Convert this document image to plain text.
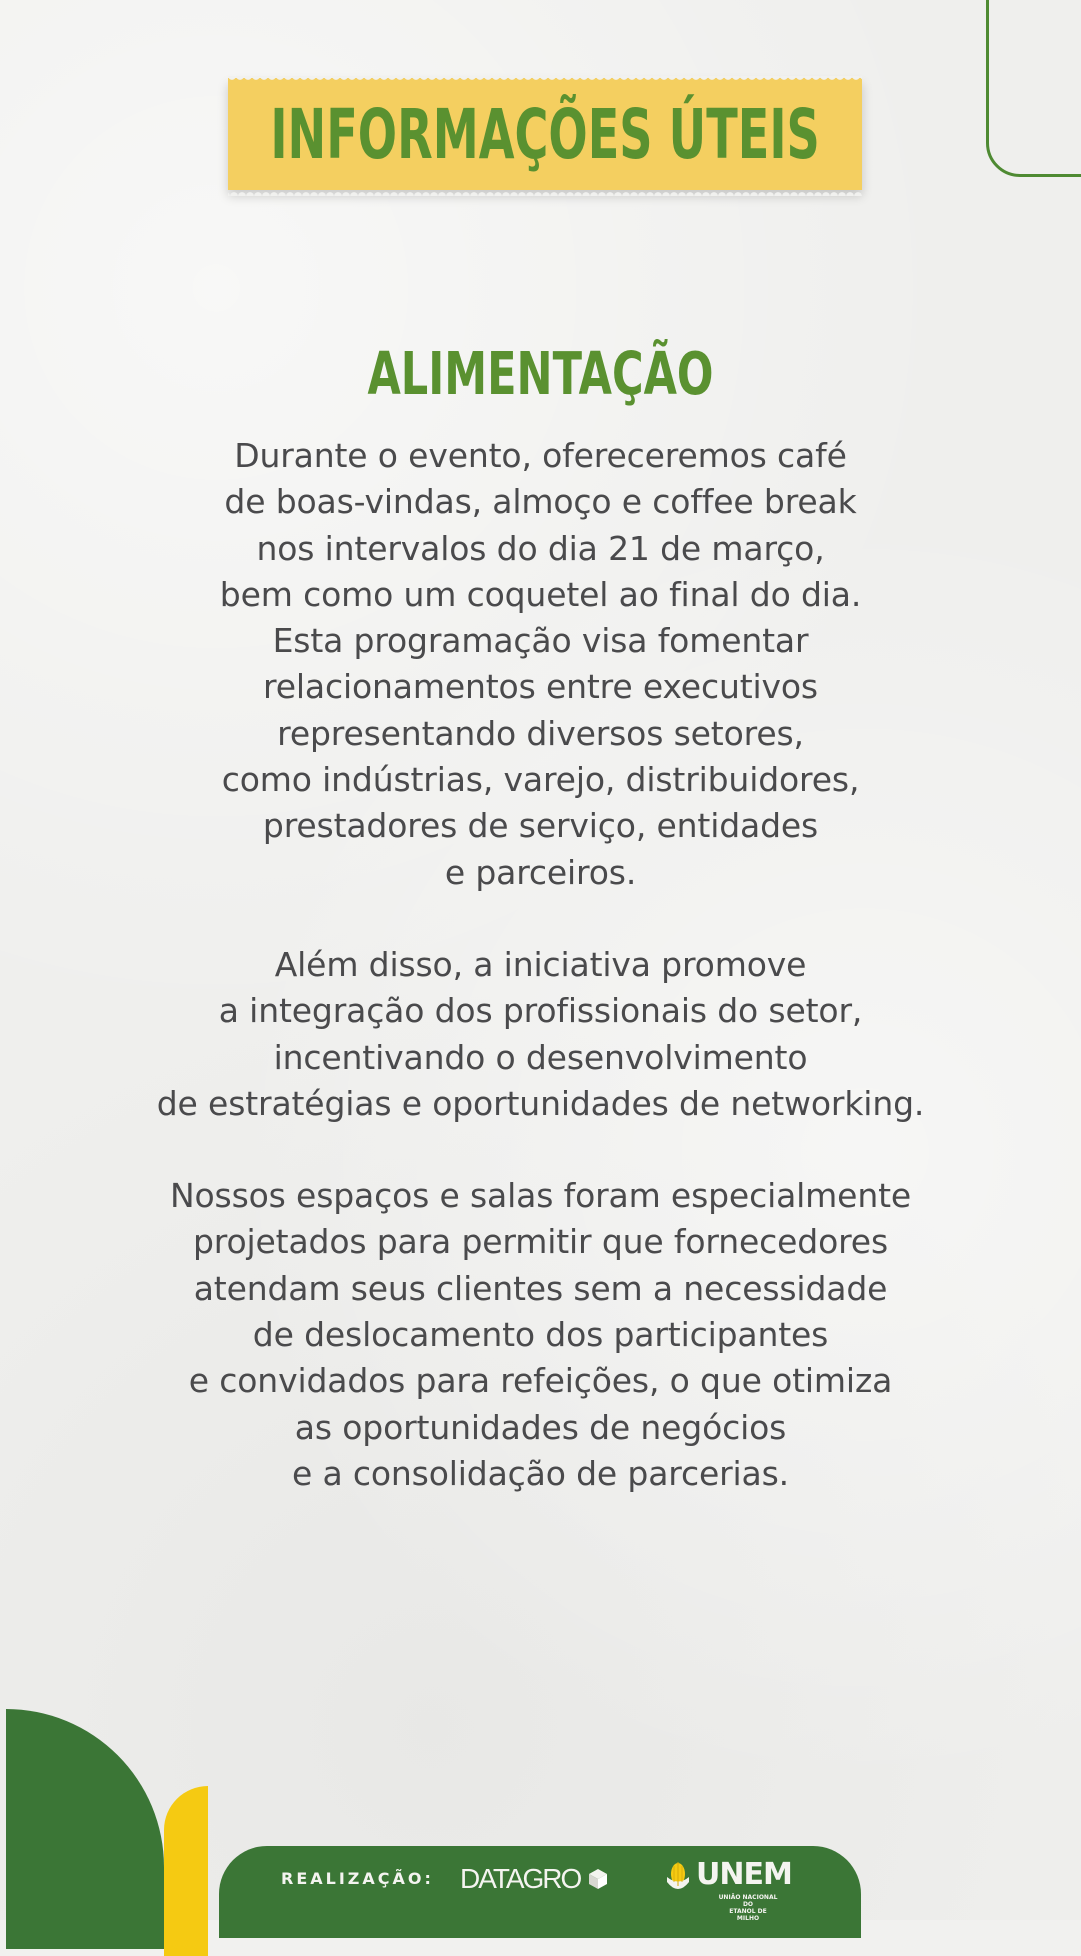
INFORMAÇÕES ÚTEIS
ALIMENTAÇÃO

Durante o evento, ofereceremos café
de boas-vindas, almoço e coffee break
nos intervalos do dia 21 de março,
bem como um coquetel ao final do dia.
Esta programação visa fomentar
relacionamentos entre executivos
representando diversos setores,
como indústrias, varejo, distribuidores,
prestadores de serviço, entidades
e parceiros.

Além disso, a iniciativa promove
a integração dos profissionais do setor,
incentivando o desenvolvimento
de estratégias e oportunidades de networking.

Nossos espaços e salas foram especialmente
projetados para permitir que fornecedores
atendam seus clientes sem a necessidade
de deslocamento dos participantes
e convidados para refeições, o que otimiza
as oportunidades de negócios
e a consolidação de parcerias.

REALIZAÇÃO: DATAGRO	UNEM
UNIÃO NACIONAL DO
ETANOL DE MILHO
